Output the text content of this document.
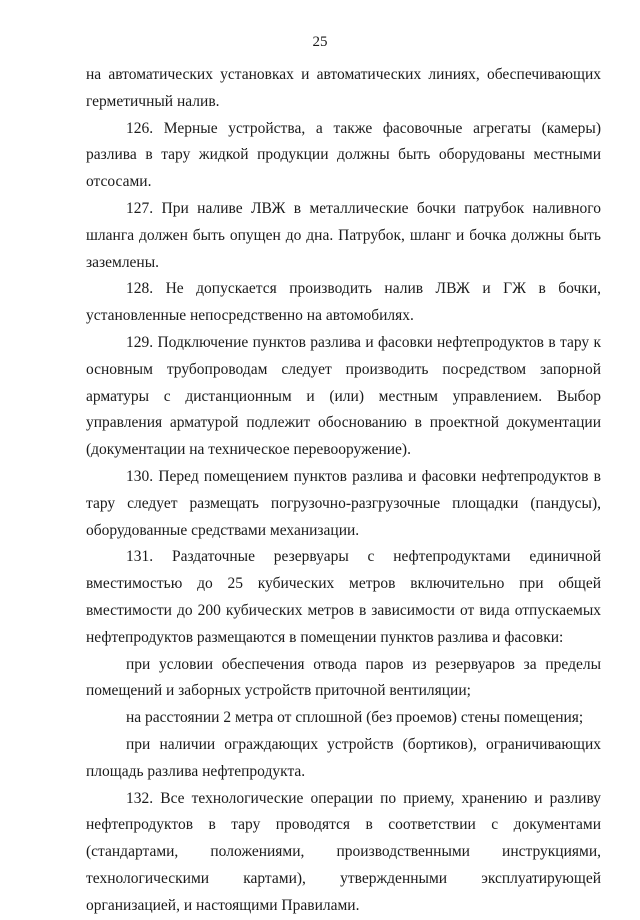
25

на автоматических установках и автоматических линиях, обеспечивающих герметичный налив.

126. Мерные устройства, а также фасовочные агрегаты (камеры) разлива в тару жидкой продукции должны быть оборудованы местными отсосами.

127. При наливе ЛВЖ в металлические бочки патрубок наливного шланга должен быть опущен до дна. Патрубок, шланг и бочка должны быть заземлены.

128. Не допускается производить налив ЛВЖ и ГЖ в бочки, установленные непосредственно на автомобилях.

129. Подключение пунктов разлива и фасовки нефтепродуктов в тару к основным трубопроводам следует производить посредством запорной арматуры с дистанционным и (или) местным управлением. Выбор управления арматурой подлежит обоснованию в проектной документации (документации на техническое перевооружение).

130. Перед помещением пунктов разлива и фасовки нефтепродуктов в тару следует размещать погрузочно-разгрузочные площадки (пандусы), оборудованные средствами механизации.

131. Раздаточные резервуары с нефтепродуктами единичной вместимостью до 25 кубических метров включительно при общей вместимости до 200 кубических метров в зависимости от вида отпускаемых нефтепродуктов размещаются в помещении пунктов разлива и фасовки:

при условии обеспечения отвода паров из резервуаров за пределы помещений и заборных устройств приточной вентиляции;

на расстоянии 2 метра от сплошной (без проемов) стены помещения;

при наличии ограждающих устройств (бортиков), ограничивающих площадь разлива нефтепродукта.

132. Все технологические операции по приему, хранению и разливу нефтепродуктов в тару проводятся в соответствии с документами (стандартами, положениями, производственными инструкциями, технологическими картами), утвержденными эксплуатирующей организацией, и настоящими Правилами.
